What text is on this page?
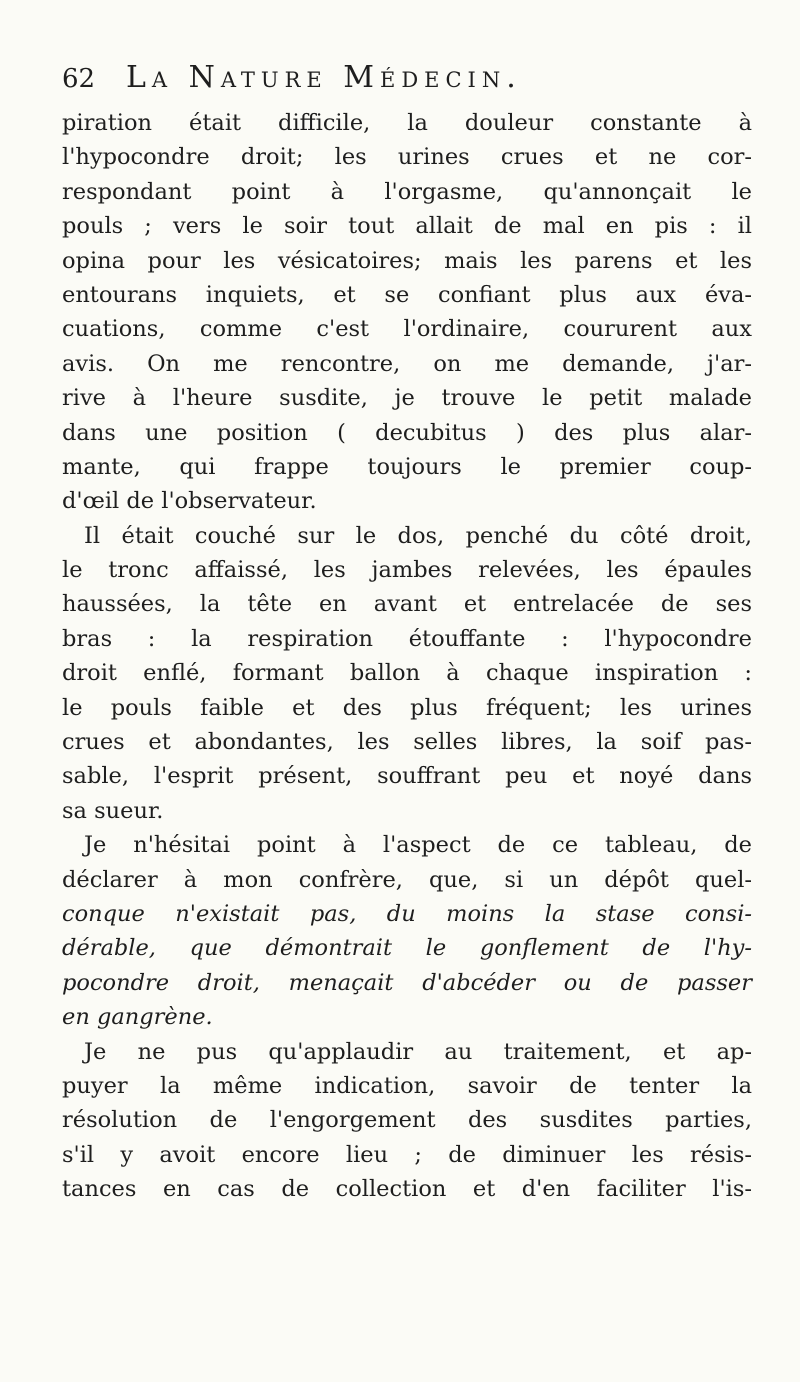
62	La Nature Médecin.
piration était difficile, la douleur constante à
l'hypocondre droit; les urines crues et ne cor-
respondant point à l'orgasme, qu'annonçait le
pouls ; vers le soir tout allait de mal en pis : il
opina pour les vésicatoires; mais les parens et les
entourans inquiets, et se confiant plus aux éva-
cuations, comme c'est l'ordinaire, coururent aux
avis. On me rencontre, on me demande, j'ar-
rive à l'heure susdite, je trouve le petit malade
dans une position ( decubitus ) des plus alar-
mante, qui frappe toujours le premier coup-
d'œil de l'observateur.
Il était couché sur le dos, penché du côté droit,
le tronc affaissé, les jambes relevées, les épaules
haussées, la tête en avant et entrelacée de ses
bras : la respiration étouffante : l'hypocondre
droit enflé, formant ballon à chaque inspiration :
le pouls faible et des plus fréquent; les urines
crues et abondantes, les selles libres, la soif pas-
sable, l'esprit présent, souffrant peu et noyé dans
sa sueur.
Je n'hésitai point à l'aspect de ce tableau, de
déclarer à mon confrère, que, si un dépôt quel-
conque n'existait pas, du moins la stase consi-
dérable, que démontrait le gonflement de l'hy-
pocondre droit, menaçait d'abcéder ou de passer
en gangrène.
Je ne pus qu'applaudir au traitement, et ap-
puyer la même indication, savoir de tenter la
résolution de l'engorgement des susdites parties,
s'il y avoit encore lieu ; de diminuer les résis-
tances en cas de collection et d'en faciliter l'is-
